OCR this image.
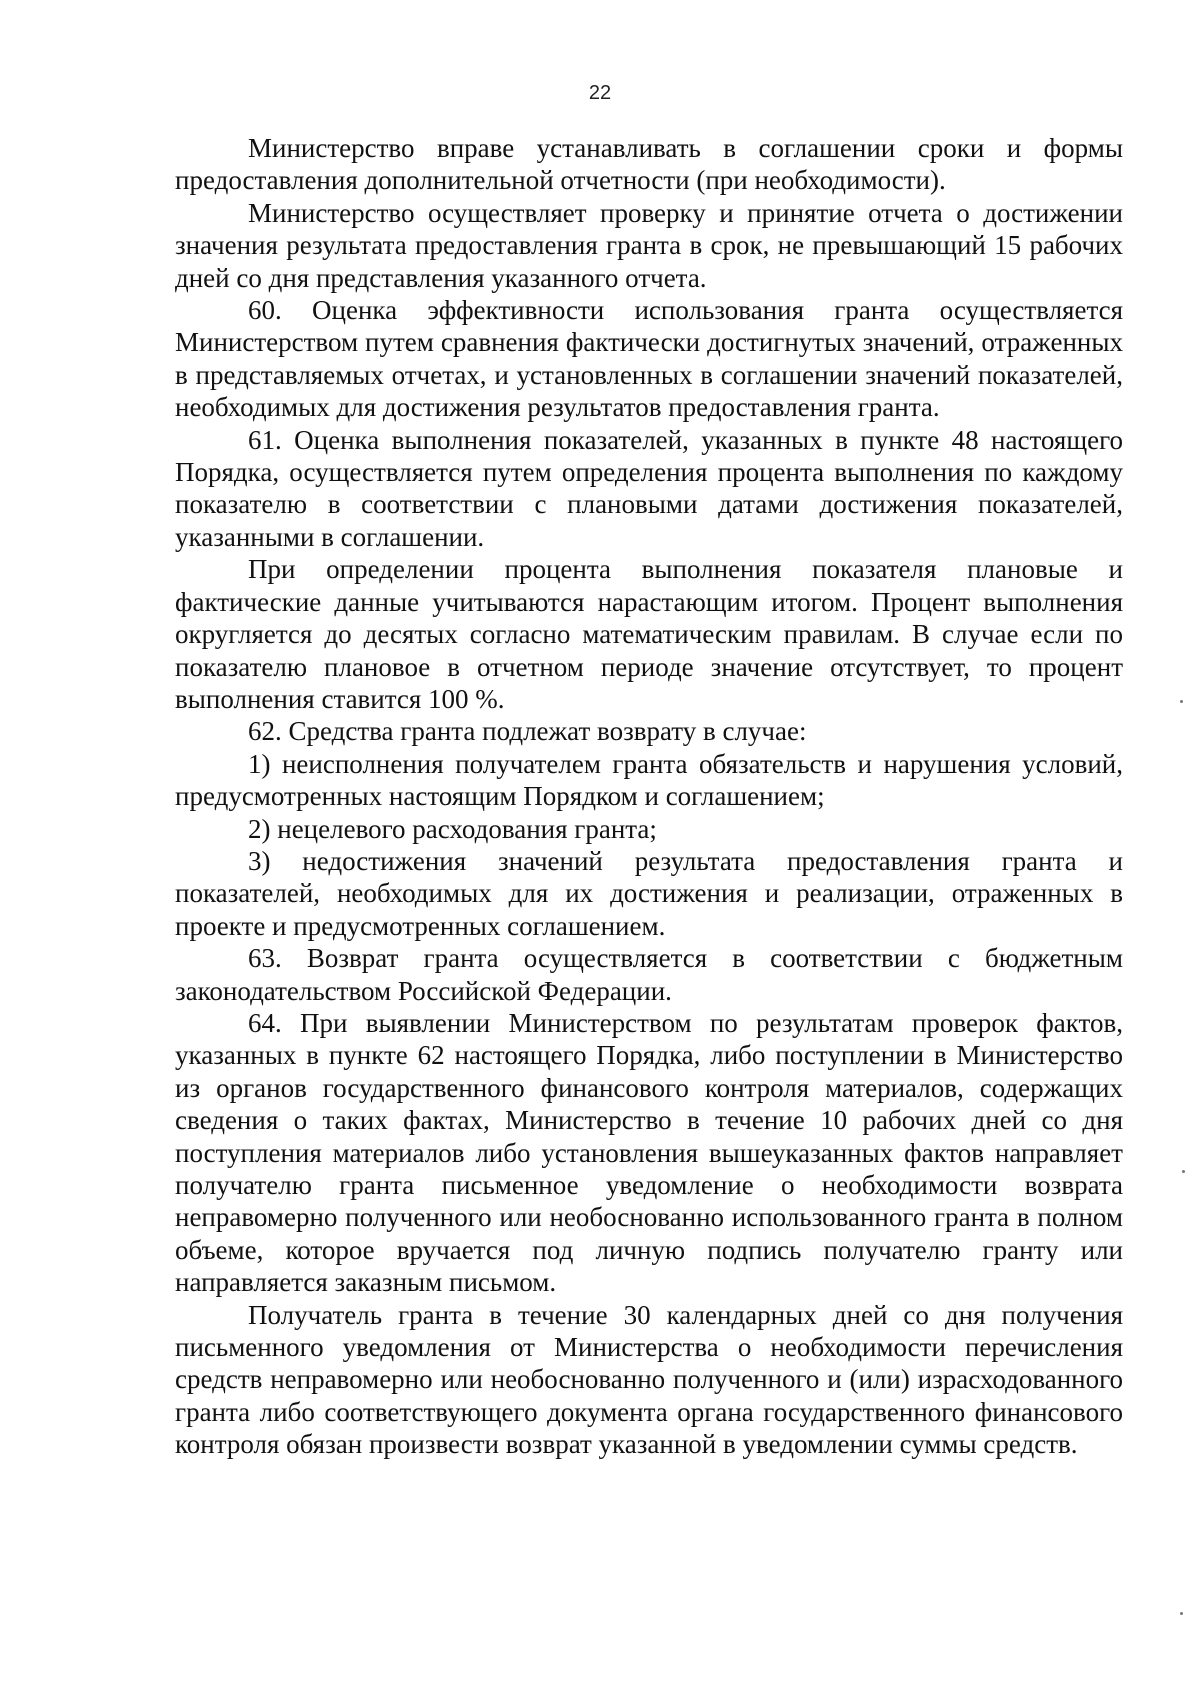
22

Министерство вправе устанавливать в соглашении сроки и формы предоставления дополнительной отчетности (при необходимости).

Министерство осуществляет проверку и принятие отчета о достижении значения результата предоставления гранта в срок, не превышающий 15 рабочих дней со дня представления указанного отчета.

60. Оценка эффективности использования гранта осуществляется Министерством путем сравнения фактически достигнутых значений, отраженных в представляемых отчетах, и установленных в соглашении значений показателей, необходимых для достижения результатов предоставления гранта.

61. Оценка выполнения показателей, указанных в пункте 48 настоящего Порядка, осуществляется путем определения процента выполнения по каждому показателю в соответствии с плановыми датами достижения показателей, указанными в соглашении.

При определении процента выполнения показателя плановые и фактические данные учитываются нарастающим итогом. Процент выполнения округляется до десятых согласно математическим правилам. В случае если по показателю плановое в отчетном периоде значение отсутствует, то процент выполнения ставится 100 %.

62. Средства гранта подлежат возврату в случае:

1) неисполнения получателем гранта обязательств и нарушения условий, предусмотренных настоящим Порядком и соглашением;

2) нецелевого расходования гранта;

3) недостижения значений результата предоставления гранта и показателей, необходимых для их достижения и реализации, отраженных в проекте и предусмотренных соглашением.

63. Возврат гранта осуществляется в соответствии с бюджетным законодательством Российской Федерации.

64. При выявлении Министерством по результатам проверок фактов, указанных в пункте 62 настоящего Порядка, либо поступлении в Министерство из органов государственного финансового контроля материалов, содержащих сведения о таких фактах, Министерство в течение 10 рабочих дней со дня поступления материалов либо установления вышеуказанных фактов направляет получателю гранта письменное уведомление о необходимости возврата неправомерно полученного или необоснованно использованного гранта в полном объеме, которое вручается под личную подпись получателю гранту или направляется заказным письмом.

Получатель гранта в течение 30 календарных дней со дня получения письменного уведомления от Министерства о необходимости перечисления средств неправомерно или необоснованно полученного и (или) израсходованного гранта либо соответствующего документа органа государственного финансового контроля обязан произвести возврат указанной в уведомлении суммы средств.
